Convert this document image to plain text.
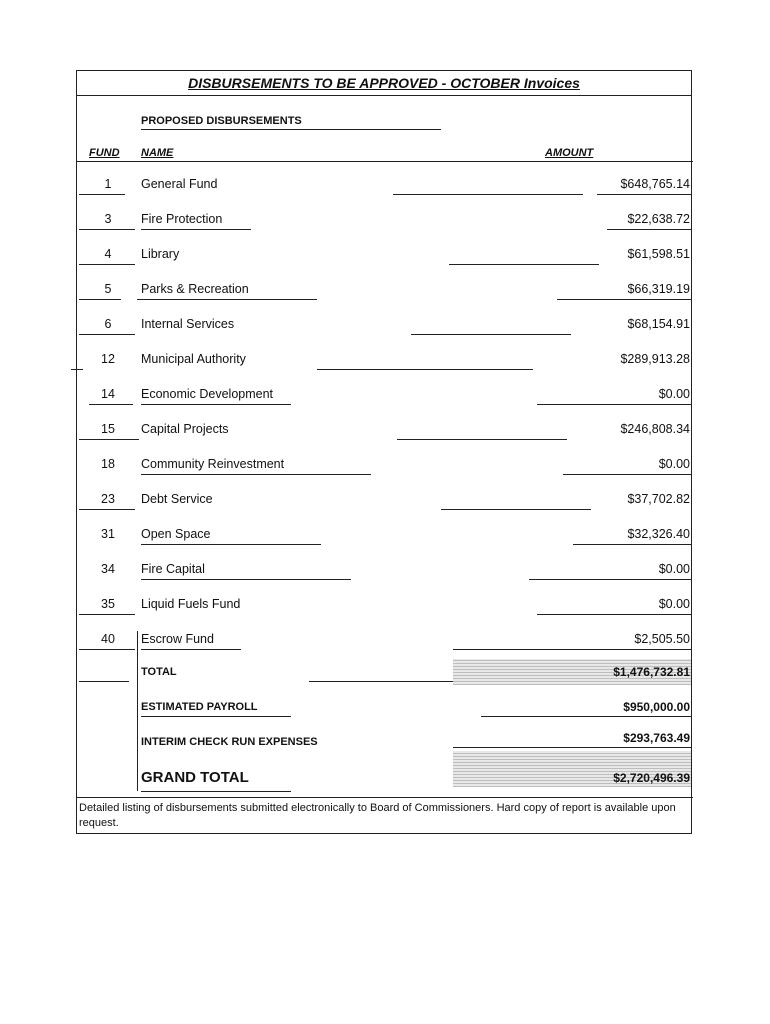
DISBURSEMENTS TO BE APPROVED - OCTOBER Invoices
PROPOSED DISBURSEMENTS
FUND NAME	AMOUNT
1	General Fund	$648,765.14
3	Fire Protection	$22,638.72
4	Library	$61,598.51
5	Parks & Recreation	$66,319.19
6	Internal Services	$68,154.91
12	Municipal Authority	$289,913.28
14	Economic Development	$0.00
15	Capital Projects	$246,808.34
18	Community Reinvestment	$0.00
23	Debt Service	$37,702.82
31	Open Space	$32,326.40
34	Fire Capital	$0.00
35	Liquid Fuels Fund	$0.00
40	Escrow Fund	$2,505.50
TOTAL	$1,476,732.81
ESTIMATED PAYROLL	$950,000.00
INTERIM CHECK RUN EXPENSES	$293,763.49
GRAND TOTAL	$2,720,496.39
Detailed listing of disbursements submitted electronically to Board of Commissioners. Hard copy of report is available upon request.
